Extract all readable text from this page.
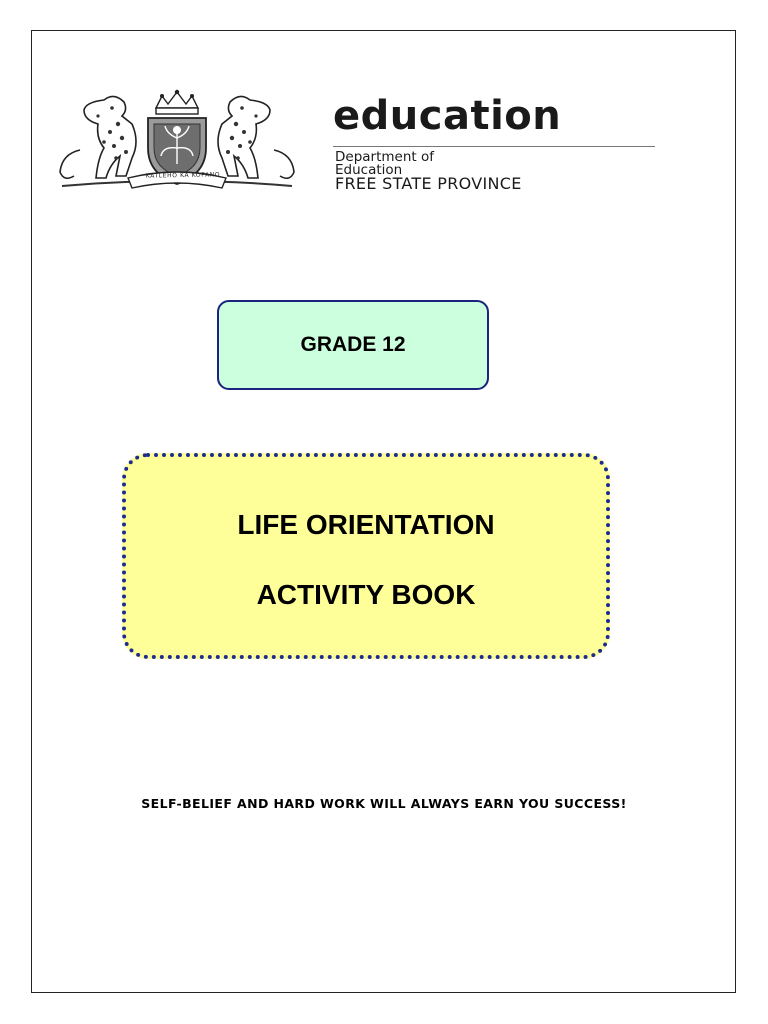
KATLEHO KA KOPANO
education
Department of
Education
FREE STATE PROVINCE
GRADE 12
LIFE ORIENTATION
ACTIVITY BOOK
SELF-BELIEF AND HARD WORK WILL ALWAYS EARN YOU SUCCESS!
